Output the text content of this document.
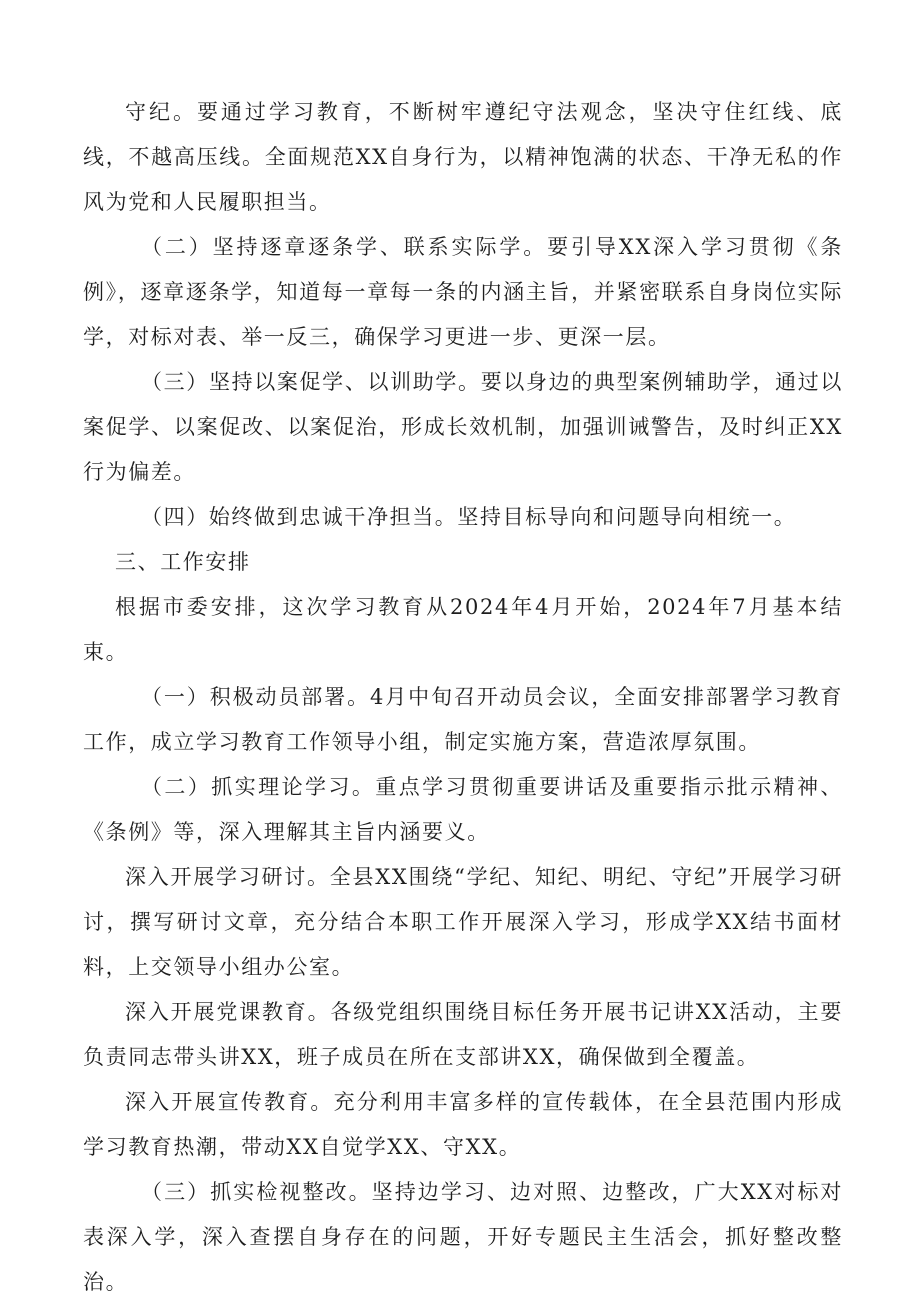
守纪。要通过学习教育，不断树牢遵纪守法观念，坚决守住红线、底线，不越高压线。全面规范XX自身行为，以精神饱满的状态、干净无私的作风为党和人民履职担当。

（二）坚持逐章逐条学、联系实际学。要引导XX深入学习贯彻《条例》，逐章逐条学，知道每一章每一条的内涵主旨，并紧密联系自身岗位实际学，对标对表、举一反三，确保学习更进一步、更深一层。

（三）坚持以案促学、以训助学。要以身边的典型案例辅助学，通过以案促学、以案促改、以案促治，形成长效机制，加强训诫警告，及时纠正XX行为偏差。

（四）始终做到忠诚干净担当。坚持目标导向和问题导向相统一。

三、工作安排

根据市委安排，这次学习教育从2024年4月开始，2024年7月基本结束。

（一）积极动员部署。4月中旬召开动员会议，全面安排部署学习教育工作，成立学习教育工作领导小组，制定实施方案，营造浓厚氛围。

（二）抓实理论学习。重点学习贯彻重要讲话及重要指示批示精神、《条例》等，深入理解其主旨内涵要义。

深入开展学习研讨。全县XX围绕“学纪、知纪、明纪、守纪”开展学习研讨，撰写研讨文章，充分结合本职工作开展深入学习，形成学XX结书面材料，上交领导小组办公室。

深入开展党课教育。各级党组织围绕目标任务开展书记讲XX活动，主要负责同志带头讲XX，班子成员在所在支部讲XX，确保做到全覆盖。

深入开展宣传教育。充分利用丰富多样的宣传载体，在全县范围内形成学习教育热潮，带动XX自觉学XX、守XX。

（三）抓实检视整改。坚持边学习、边对照、边整改，广大XX对标对表深入学，深入查摆自身存在的问题，开好专题民主生活会，抓好整改整治。
